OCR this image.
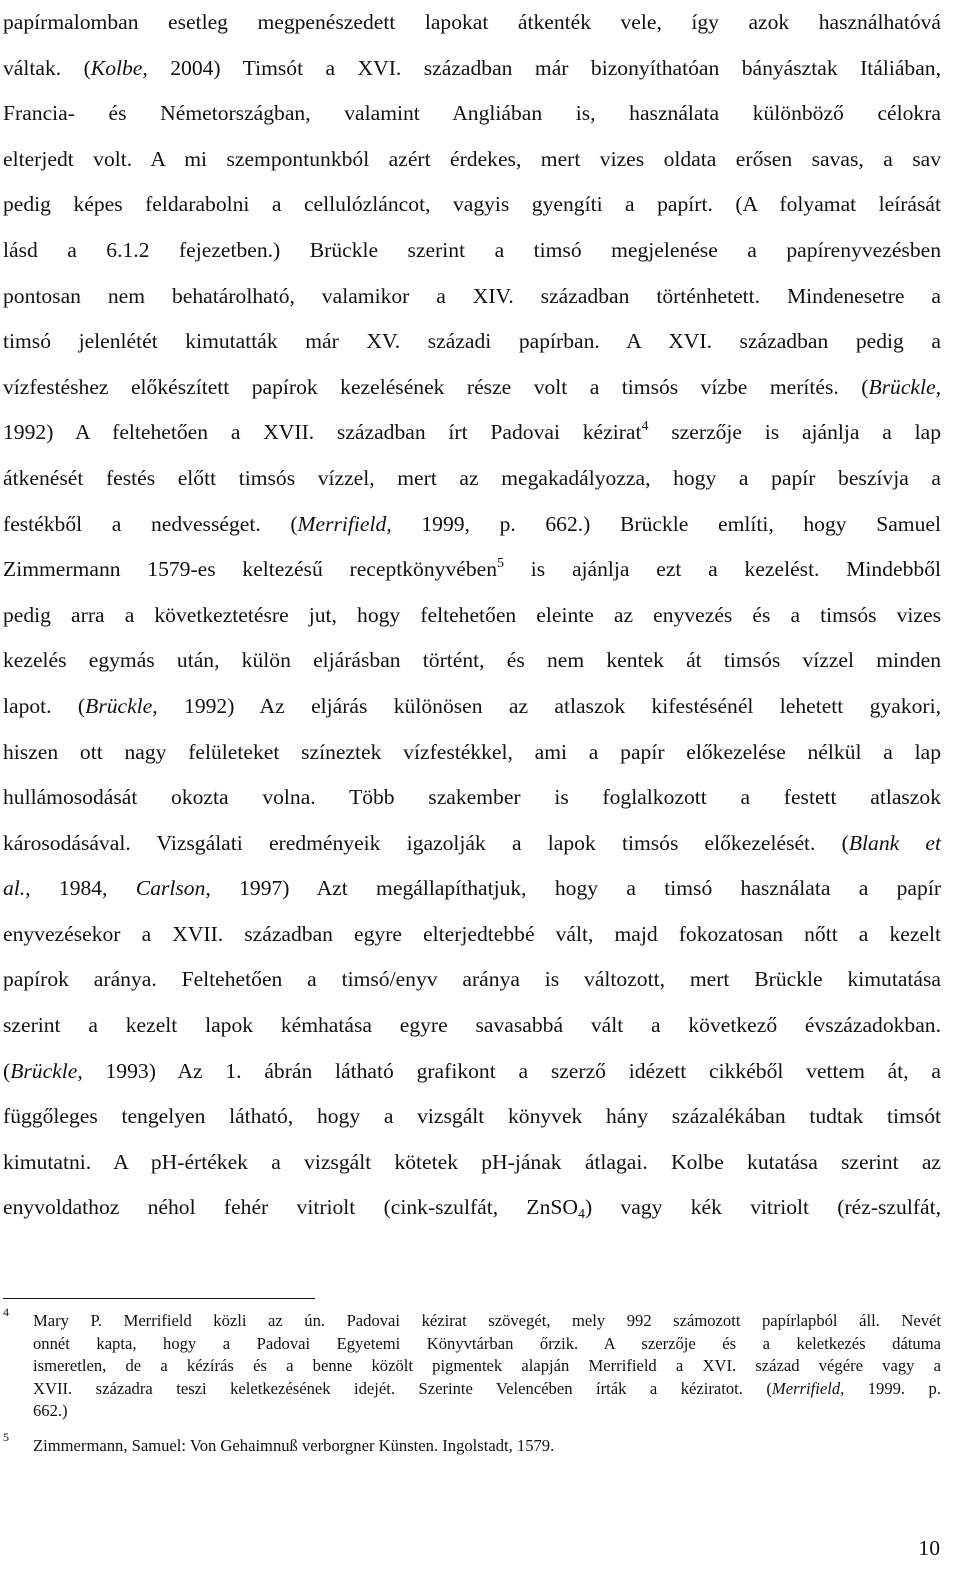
papírmalomban esetleg megpenészedett lapokat átkenték vele, így azok használhatóvá
váltak. (Kolbe, 2004) Timsót a XVI. században már bizonyíthatóan bányásztak Itáliában,
Francia- és Németországban, valamint Angliában is, használata különböző célokra
elterjedt volt. A mi szempontunkból azért érdekes, mert vizes oldata erősen savas, a sav
pedig képes feldarabolni a cellulózláncot, vagyis gyengíti a papírt. (A folyamat leírását
lásd a 6.1.2 fejezetben.) Brückle szerint a timsó megjelenése a papírenyvezésben
pontosan nem behatárolható, valamikor a XIV. században történhetett. Mindenesetre a
timsó jelenlétét kimutatták már XV. századi papírban. A XVI. században pedig a
vízfestéshez előkészített papírok kezelésének része volt a timsós vízbe merítés. (Brückle,
1992) A feltehetően a XVII. században írt Padovai kézirat$^4$ szerzője is ajánlja a lap
átkenését festés előtt timsós vízzel, mert az megakadályozza, hogy a papír beszívja a
festékből a nedvességet. (Merrifield, 1999, p. 662.) Brückle említi, hogy Samuel
Zimmermann 1579-es keltezésű receptkönyvében$^5$ is ajánlja ezt a kezelést. Mindebből
pedig arra a következtetésre jut, hogy feltehetően eleinte az enyvezés és a timsós vizes
kezelés egymás után, külön eljárásban történt, és nem kentek át timsós vízzel minden
lapot. (Brückle, 1992) Az eljárás különösen az atlaszok kifestésénél lehetett gyakori,
hiszen ott nagy felületeket színeztek vízfestékkel, ami a papír előkezelése nélkül a lap
hullámosodását okozta volna. Több szakember is foglalkozott a festett atlaszok
károsodásával. Vizsgálati eredményeik igazolják a lapok timsós előkezelését. (Blank et
al., 1984, Carlson, 1997) Azt megállapíthatjuk, hogy a timsó használata a papír
enyvezésekor a XVII. században egyre elterjedtebbé vált, majd fokozatosan nőtt a kezelt
papírok aránya. Feltehetően a timsó/enyv aránya is változott, mert Brückle kimutatása
szerint a kezelt lapok kémhatása egyre savasabbá vált a következő évszázadokban.
(Brückle, 1993) Az 1. ábrán látható grafikont a szerző idézett cikkéből vettem át, a
függőleges tengelyen látható, hogy a vizsgált könyvek hány százalékában tudtak timsót
kimutatni. A pH-értékek a vizsgált kötetek pH-jának átlagai. Kolbe kutatása szerint az
enyvoldathoz néhol fehér vitriolt (cink-szulfát, ZnSO$_4$) vagy kék vitriolt (réz-szulfát,
4 Mary P. Merrifield közli az ún. Padovai kézirat szövegét, mely 992 számozott papírlapból áll. Nevét
onnét kapta, hogy a Padovai Egyetemi Könyvtárban őrzik. A szerzője és a keletkezés dátuma
ismeretlen, de a kézírás és a benne közölt pigmentek alapján Merrifield a XVI. század végére vagy a
XVII. századra teszi keletkezésének idejét. Szerinte Velencében írták a kéziratot. (Merrifield, 1999. p.
662.)
5 Zimmermann, Samuel: Von Gehaimnuß verborgner Künsten. Ingolstadt, 1579.
10
